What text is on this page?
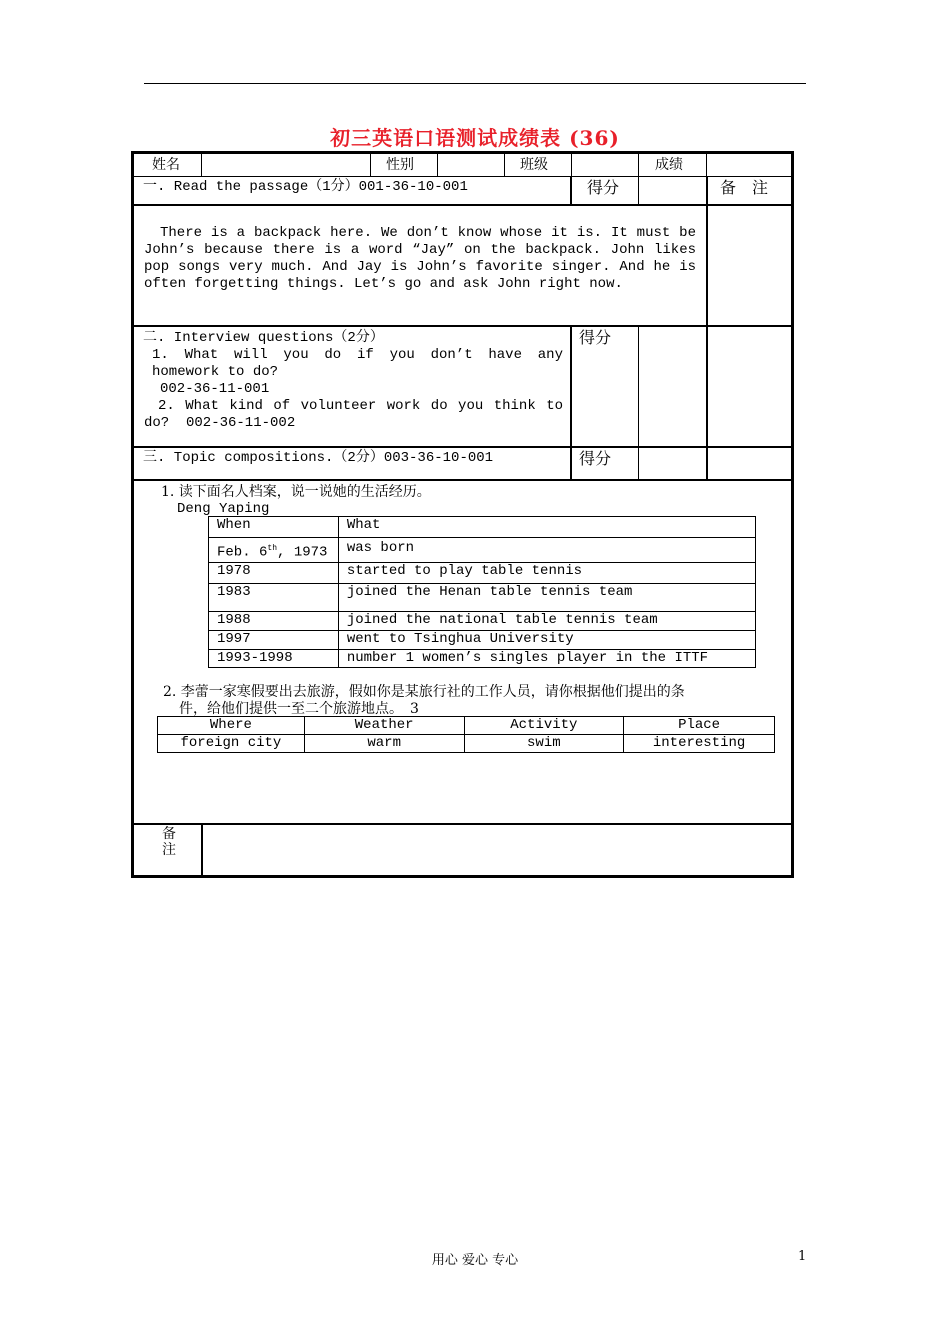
初三英语口语测试成绩表 (36)
姓名	性别	班级	成绩
一. Read the passage（1分）001-36-10-001	得分	备　注
There is a backpack here. We don’t know whose it is. It must be John’s because there is a word “Jay” on the backpack. John likes pop songs very much. And Jay is John’s favorite singer. And he is often forgetting things. Let’s go and ask John right now.
二. Interview questions（2分）
1. What will you do if you don’t have any homework to do?
002-36-11-001
2. What kind of volunteer work do you think to do?	002-36-11-002
得分
三. Topic compositions.（2分）003-36-10-001	得分
1. 读下面名人档案，说一说她的生活经历。
Deng Yaping
When	What
Feb. 6th, 1973	was born
1978	started to play table tennis
1983	joined the Henan table tennis team
1988	joined the national table tennis team
1997	went to Tsinghua University
1993-1998	number 1 women’s singles player in the ITTF
2. 李蕾一家寒假要出去旅游，假如你是某旅行社的工作人员，请你根据他们提出的条
件，给他们提供一至二个旅游地点。　3
Where	Weather	Activity	Place
foreign city	warm	swim	interesting
备注
用心 爱心 专心	1
